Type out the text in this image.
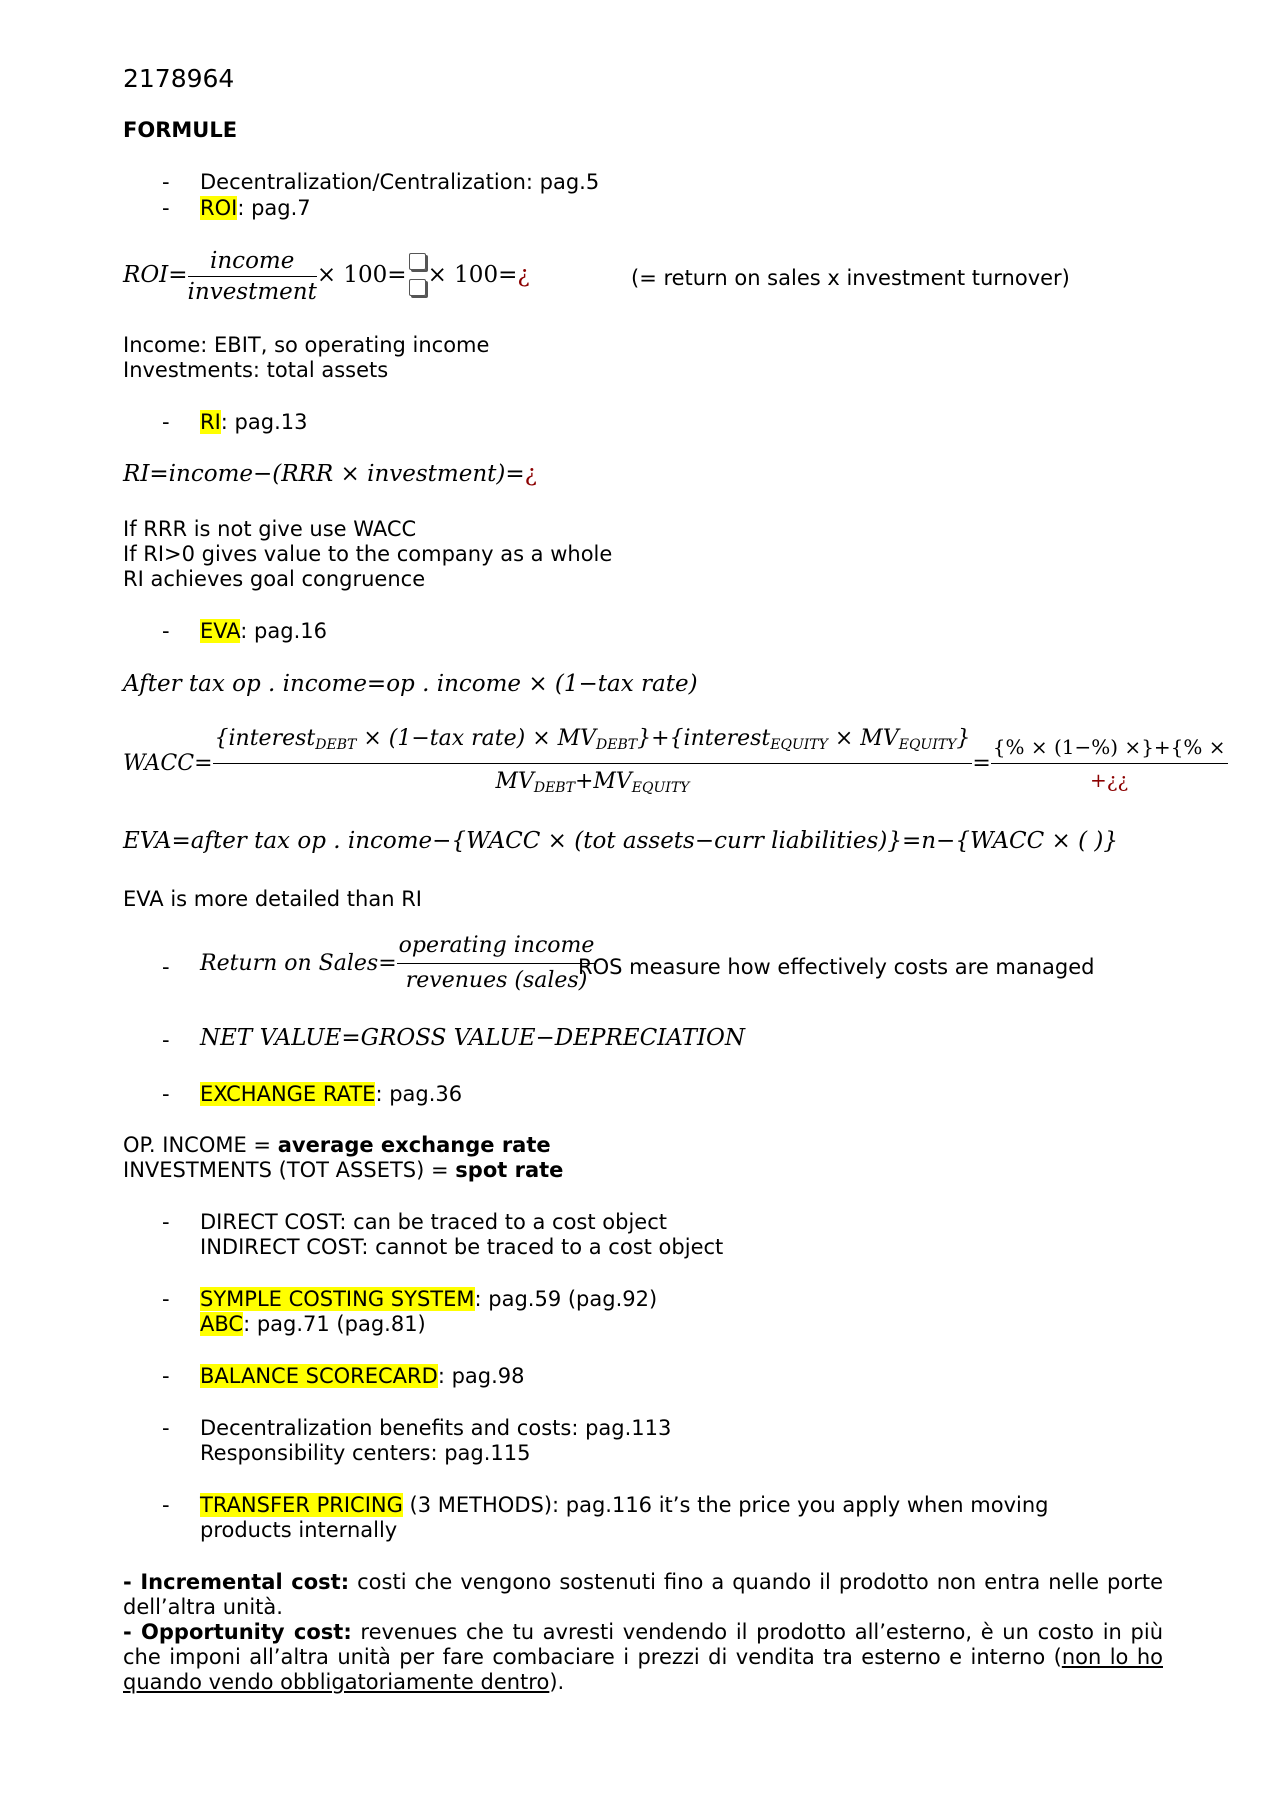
2178964
FORMULE
- Decentralization/Centralization: pag.5
- ROI: pag.7
$ROI= \frac{\text{income}}{\text{investment}} \times 100=$ × 100=¿	(= return on sales x investment turnover)
Income: EBIT, so operating income
Investments: total assets
- RI: pag.13
RI=income−(RRR × investment)=¿
If RRR is not give use WACC
If RI>0 gives value to the company as a whole
RI achieves goal congruence
- EVA: pag.16
After tax op . income=op . income × (1−tax rate)
WACC=
{interest$_{DEBT}$ × (1−tax rate) × $MV_{DEBT}\}+\{interest_{EQUITY} \times MV_{EQUITY}\}$
$MV_{DEBT}+MV_{EQUITY}$
= $\frac{\{\% \times (1-\%) \times\}+\{\% \times}{+¿¿}$
EVA=after tax op . income−{WACC × (tot assets−curr liabilities)}=n−{WACC × ( )}
EVA is more detailed than RI
- Return on Sales= $\frac{\text{operating income}}{\text{revenues (sales)}}$
ROS measure how effectively costs are managed
- NET VALUE=GROSS VALUE−DEPRECIATION
- EXCHANGE RATE: pag.36
OP. INCOME = average exchange rate
INVESTMENTS (TOT ASSETS) = spot rate
- DIRECT COST: can be traced to a cost object
INDIRECT COST: cannot be traced to a cost object
- SYMPLE COSTING SYSTEM: pag.59 (pag.92)
ABC: pag.71 (pag.81)
- BALANCE SCORECARD: pag.98
- Decentralization benefits and costs: pag.113
Responsibility centers: pag.115
- TRANSFER PRICING (3 METHODS): pag.116 it’s the price you apply when moving
products internally
- Incremental cost: costi che vengono sostenuti fino a quando il prodotto non entra nelle porte dell’altra unità.
- Opportunity cost: revenues che tu avresti vendendo il prodotto all’esterno, è un costo in più che imponi all’altra unità per fare combaciare i prezzi di vendita tra esterno e interno (non lo ho quando vendo obbligatoriamente dentro).
